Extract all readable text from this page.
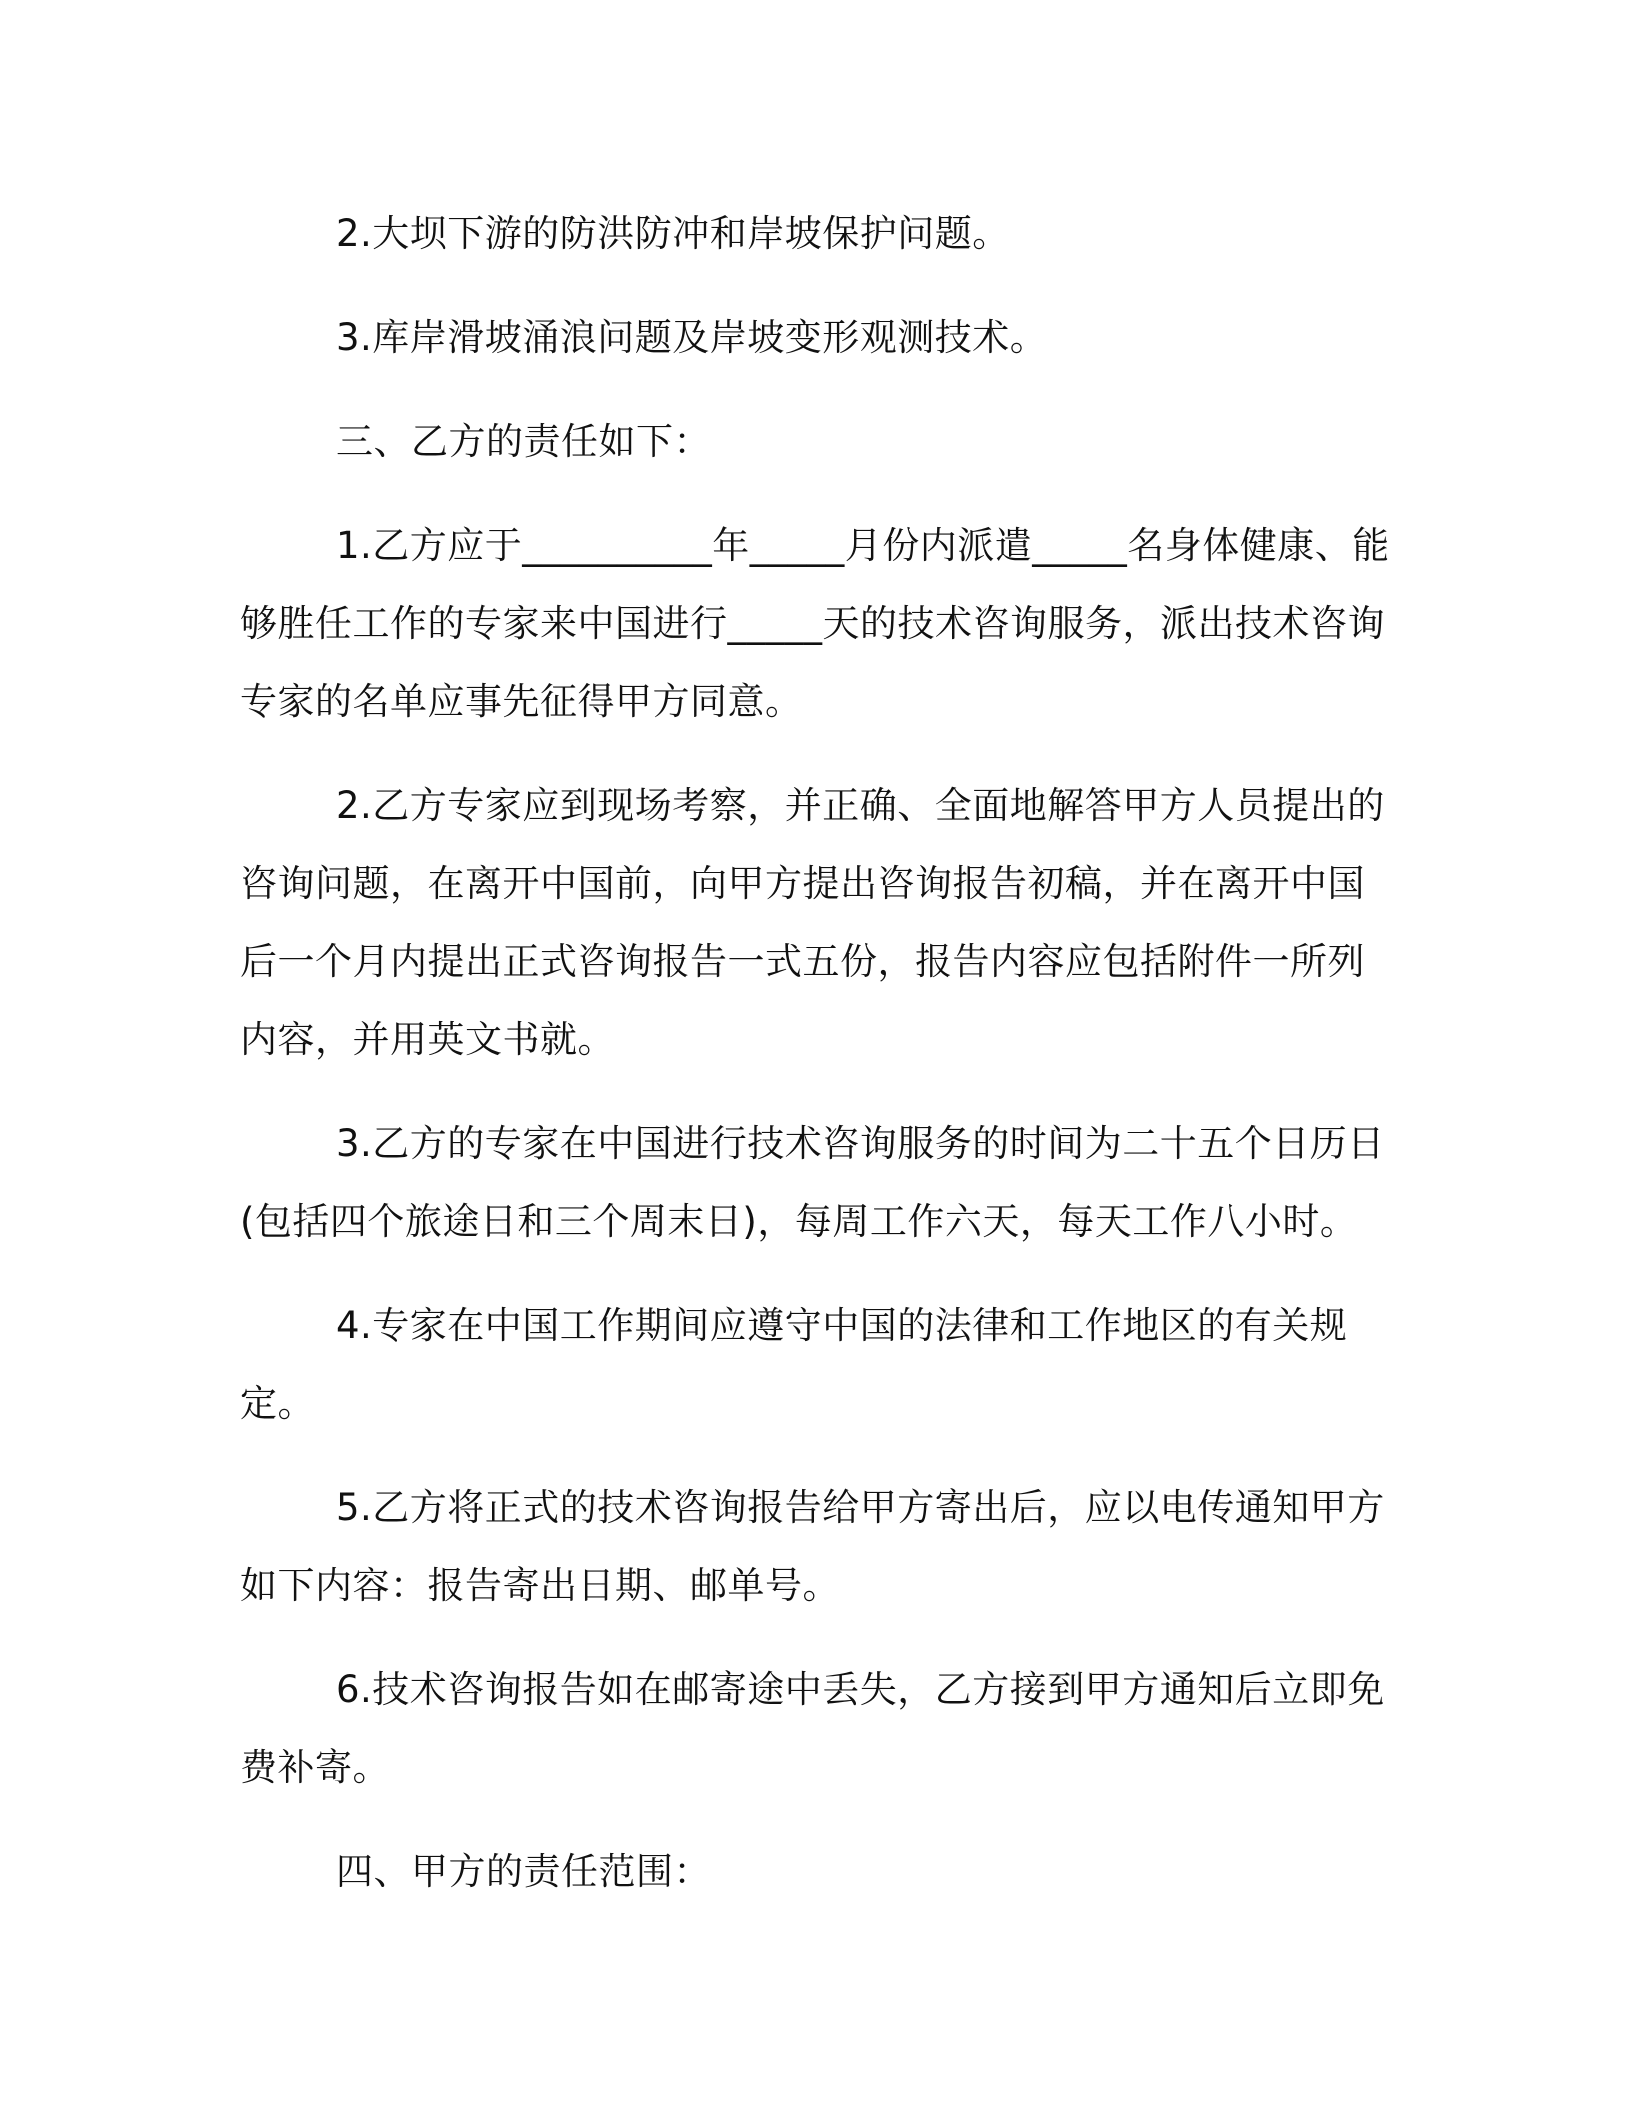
2.大坝下游的防洪防冲和岸坡保护问题。

3.库岸滑坡涌浪问题及岸坡变形观测技术。

三、乙方的责任如下：

1.乙方应于__________年_____月份内派遣_____名身体健康、能够胜任工作的专家来中国进行_____天的技术咨询服务，派出技术咨询专家的名单应事先征得甲方同意。

2.乙方专家应到现场考察，并正确、全面地解答甲方人员提出的咨询问题，在离开中国前，向甲方提出咨询报告初稿，并在离开中国后一个月内提出正式咨询报告一式五份，报告内容应包括附件一所列内容，并用英文书就。

3.乙方的专家在中国进行技术咨询服务的时间为二十五个日历日(包括四个旅途日和三个周末日)，每周工作六天，每天工作八小时。

4.专家在中国工作期间应遵守中国的法律和工作地区的有关规定。

5.乙方将正式的技术咨询报告给甲方寄出后，应以电传通知甲方如下内容：报告寄出日期、邮单号。

6.技术咨询报告如在邮寄途中丢失，乙方接到甲方通知后立即免费补寄。

四、甲方的责任范围：
